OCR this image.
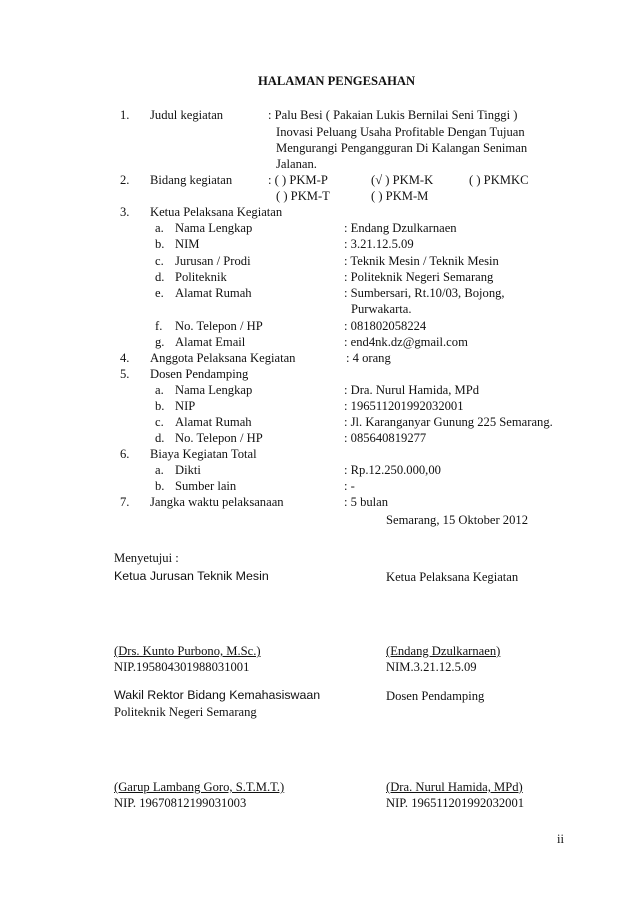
HALAMAN PENGESAHAN
1. Judul kegiatan	: Palu Besi ( Pakaian Lukis Bernilai Seni Tinggi )
Inovasi Peluang Usaha Profitable Dengan Tujuan
Mengurangi Pengangguran Di Kalangan Seniman
Jalanan.
2. Bidang kegiatan	: ( ) PKM-P	(√ ) PKM-K	( ) PKMKC
( ) PKM-T	( ) PKM-M
3. Ketua Pelaksana Kegiatan
a. Nama Lengkap	: Endang Dzulkarnaen
b. NIM	: 3.21.12.5.09
c. Jurusan / Prodi	: Teknik Mesin / Teknik Mesin
d. Politeknik	: Politeknik Negeri Semarang
e. Alamat Rumah	: Sumbersari, Rt.10/03, Bojong,
Purwakarta.
f. No. Telepon / HP	: 081802058224
g. Alamat Email	: end4nk.dz@gmail.com
4. Anggota Pelaksana Kegiatan	: 4 orang
5. Dosen Pendamping
a. Nama Lengkap	: Dra. Nurul Hamida, MPd
b. NIP	: 196511201992032001
c. Alamat Rumah	: Jl. Karanganyar Gunung 225 Semarang.
d. No. Telepon / HP	: 085640819277
6. Biaya Kegiatan Total
a. Dikti	: Rp.12.250.000,00
b. Sumber lain	: -
7. Jangka waktu pelaksanaan	: 5 bulan
Semarang, 15 Oktober 2012
Menyetujui :
Ketua Jurusan Teknik Mesin	Ketua Pelaksana Kegiatan
(Drs. Kunto Purbono, M.Sc.)
NIP.195804301988031001
(Endang Dzulkarnaen)
NIM.3.21.12.5.09
Wakil Rektor Bidang Kemahasiswaan
Politeknik Negeri Semarang
Dosen Pendamping
(Garup Lambang Goro, S.T.M.T.)
NIP. 19670812199031003
(Dra. Nurul Hamida, MPd)
NIP. 196511201992032001
ii
